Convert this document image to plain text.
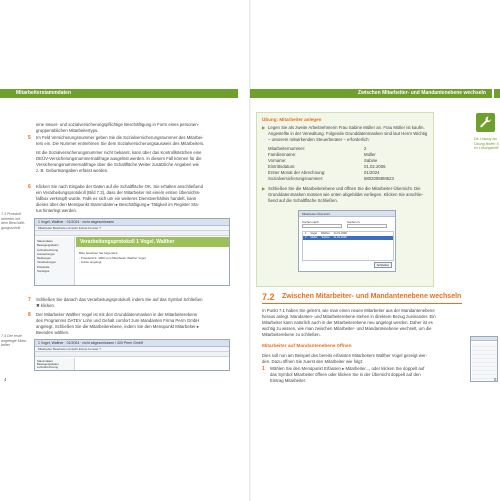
Mitarbeiterstammdaten	Zwischen Mitarbeiter- und Mandantenebene wechseln
eine steuer- und sozialversicherungspflichtige Beschäftigung in Form eines personen-
gruppenüblichen Mitarbeitertyps.
5 Im Feld Versicherungsnummer geben Sie die Sozialversicherungsnummer des Mitarbei-
ters ein. Die Nummer entnehmen Sie dem Sozialversicherungsausweis des Mitarbeiters.
Ist die Sozialversicherungsnummer nicht bekannt, kann über das Kontrollkästchen eine
DEÜV-Versicherungsnummernabfrage ausgelöst werden. In diesem Fall können für die
Versicherungsnummernabfrage über die Schaltfläche Weiter zusätzliche Angaben wie
z. B. Geburtsangaben erfasst werden.
6 Klicken Sie nach Eingabe der Daten auf die Schaltfläche OK. Sie erhalten anschließend
ein Verarbeitungsprotokoll (Bild 7.3), dass der Mitarbeiter mit einem ersten Übersichts-
fallbox verknüpft wurde. Falls es sich um ein weiteres Dienstverhältnis handelt, kann
dieses über den Menüpunkt Stammdaten ▸ Beschäftigung ▸ Tätigkeit im Register Sta-
tus hinterlegt werden.
7.3 Protokoll
betreiter mit
dem Beschäfti-
gungsschritt
1 Vogel, Walther · 01/2024 · nicht abgeschlossen
Mitarbeiter Bearbeiten Ansicht Extras Fenster ?
Stammdaten
Bewegungsdaten
Lohnabrechnung
Auswertungen
Meldungen
Verarbeitungen
Protokolle
Sonstiges
Verarbeitungsprotokoll 1 Vogel, Walther
Bitte beachten Sie folgendes:
- Protokoll-Nr. 4000 vom Mitarbeiter Walther Vogel
- wurde angelegt
7 Schließen Sie danach das Verarbeitungsprotokoll, indem Sie auf das Symbol Schließen
✖ klicken.
8 Der Mitarbeiter Walther Vogel ist mit den Grunddatenmasken in der Mitarbeiterebene
des Programms DATEV Lohn und Gehalt comfort zum Mandanten Firma Perm GmbH
angelegt. Schließen Sie die Mitarbeiterebene, indem Sie den Menüpunkt Mitarbeiter ▸
Beenden wählen.
7.4 Der erste
angelegte Mitar-
beiter
1 Vogel, Walther · 01/2024 · nicht abgeschlossen / 400 Perm GmbH
Mitarbeiter Bearbeiten Ansicht Extras Fenster ?
Stammdaten
Bewegungsdaten
Lohnabrechnung
4
Übung: Mitarbeiter anlegen
▶ Legen Sie als zweite Arbeitnehmerin Frau Sabine Müller an. Frau Müller ist kaufm.
Angestellte in der Verwaltung. Folgende Grunddatenmasken sind laut Herrn Wichtig
– unserem mitwirkenden Steuerberater – erforderlich:
Mitarbeiternummer:	2
Familienname:	Müller
Vorname:	Sabine
Eintrittsdatum:	01.02.2006
Erster Monat der Abrechnung:	01/2024
Sozialversicherungsnummer:	58020858M523
▶ Schließen Sie die Mitarbeiterebene und öffnen Sie die Mitarbeiter-Übersicht. Die
Grunddatenmasken müssen wie unten abgebildet vorliegen. Klicken Sie anschlie-
ßend auf die Schaltfläche Schließen.
Mitarbeiter-Übersicht
Suchen nach:	Suchen in:
1 Vogel Walther 01.01.2006
2 Müller Sabine 01.02.2006
Schließen
Dir Lösung zur
Übung finden S
im Lösungsheft
7.2 Zwischen Mitarbeiter- und Mandantenebene wechseln
In Punkt 7.1 haben Sie gelernt, wie man einen neuen Mitarbeiter aus der Mandantenebene
heraus anlegt. Mandanten- und Mitarbeiterebene stehen in direktem Bezug zueinander. Ein
Mitarbeiter kann natürlich auch in der Mitarbeiterebene neu angelegt werden. Daher ist es
wichtig zu wissen, wie man zwischen Mitarbeiter- und Mandantenebene wechselt, um die
Mitarbeiterebene zu schließen.
Mitarbeiter auf Mandantenebene öffnen
Dies soll nun am Beispiel des bereits erfassten Mitarbeiters Walther Vogel gezeigt wer-
den. Dazu öffnen Sie zuerst den Mitarbeiter wie folgt:
1 Wählen Sie den Menüpunkt Erfassen ▸ Mitarbeiter..., oder klicken Sie doppelt auf
das Symbol Mitarbeiter öffnen oder klicken Sie in der Übersicht doppelt auf den
Eintrag Mitarbeiter.	5
